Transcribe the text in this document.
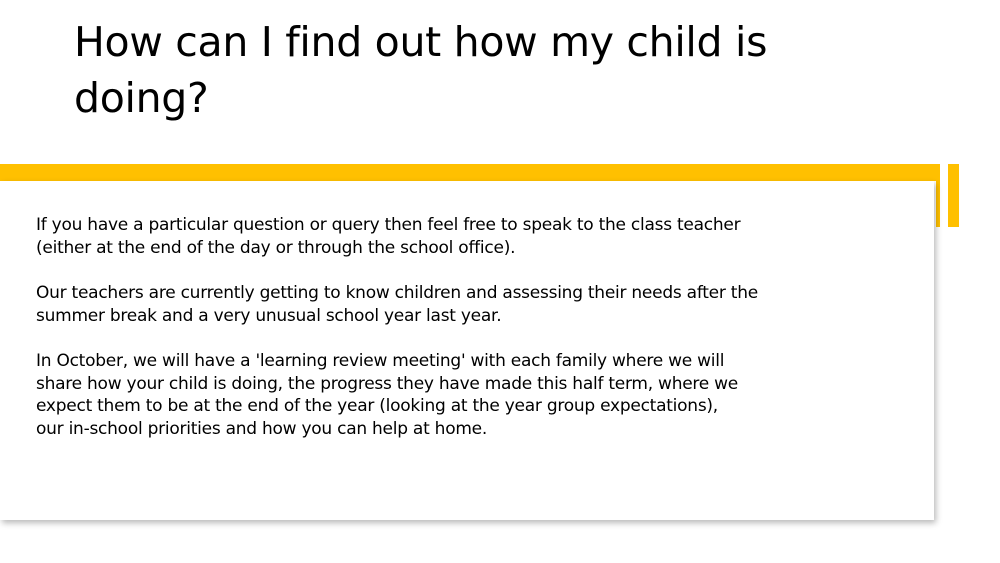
How can I find out how my child is
doing?

If you have a particular question or query then feel free to speak to the class teacher
(either at the end of the day or through the school office).

Our teachers are currently getting to know children and assessing their needs after the
summer break and a very unusual school year last year.

In October, we will have a 'learning review meeting' with each family where we will
share how your child is doing, the progress they have made this half term, where we
expect them to be at the end of the year (looking at the year group expectations),
our in-school priorities and how you can help at home.
